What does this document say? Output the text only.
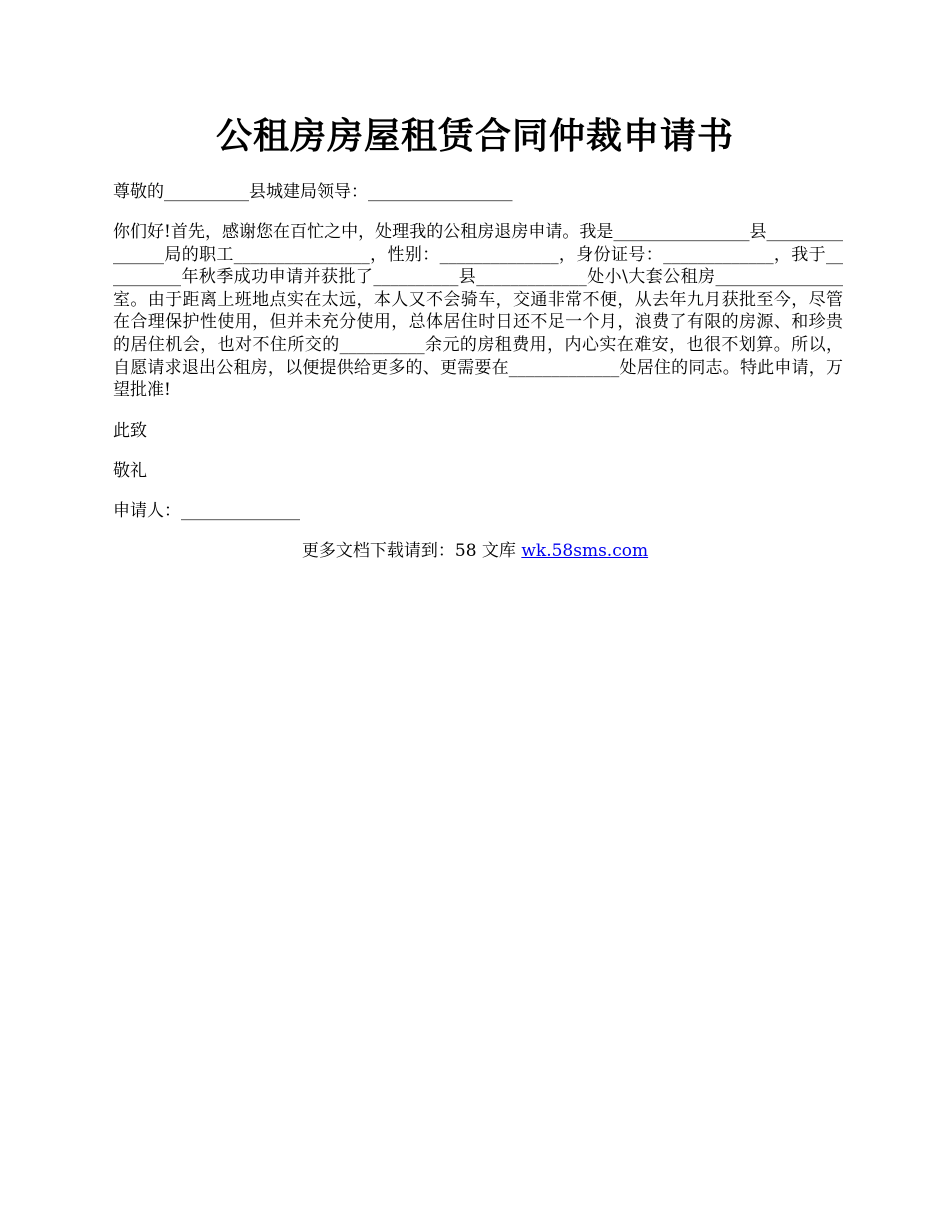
公租房房屋租赁合同仲裁申请书
尊敬的__________县城建局领导：_________________
你们好!首先，感谢您在百忙之中，处理我的公租房退房申请。我是________________县_______________局的职工________________，性别：______________，身份证号：_____________，我于__________年秋季成功申请并获批了__________县_____________处小\大套公租房_______________室。由于距离上班地点实在太远，本人又不会骑车，交通非常不便，从去年九月获批至今，尽管在合理保护性使用，但并未充分使用，总体居住时日还不足一个月，浪费了有限的房源、和珍贵的居住机会，也对不住所交的__________余元的房租费用，内心实在难安，也很不划算。所以，自愿请求退出公租房，以便提供给更多的、更需要在_____________处居住的同志。特此申请，万望批准!
此致
敬礼
申请人：______________
更多文档下载请到：58 文库 wk.58sms.com
